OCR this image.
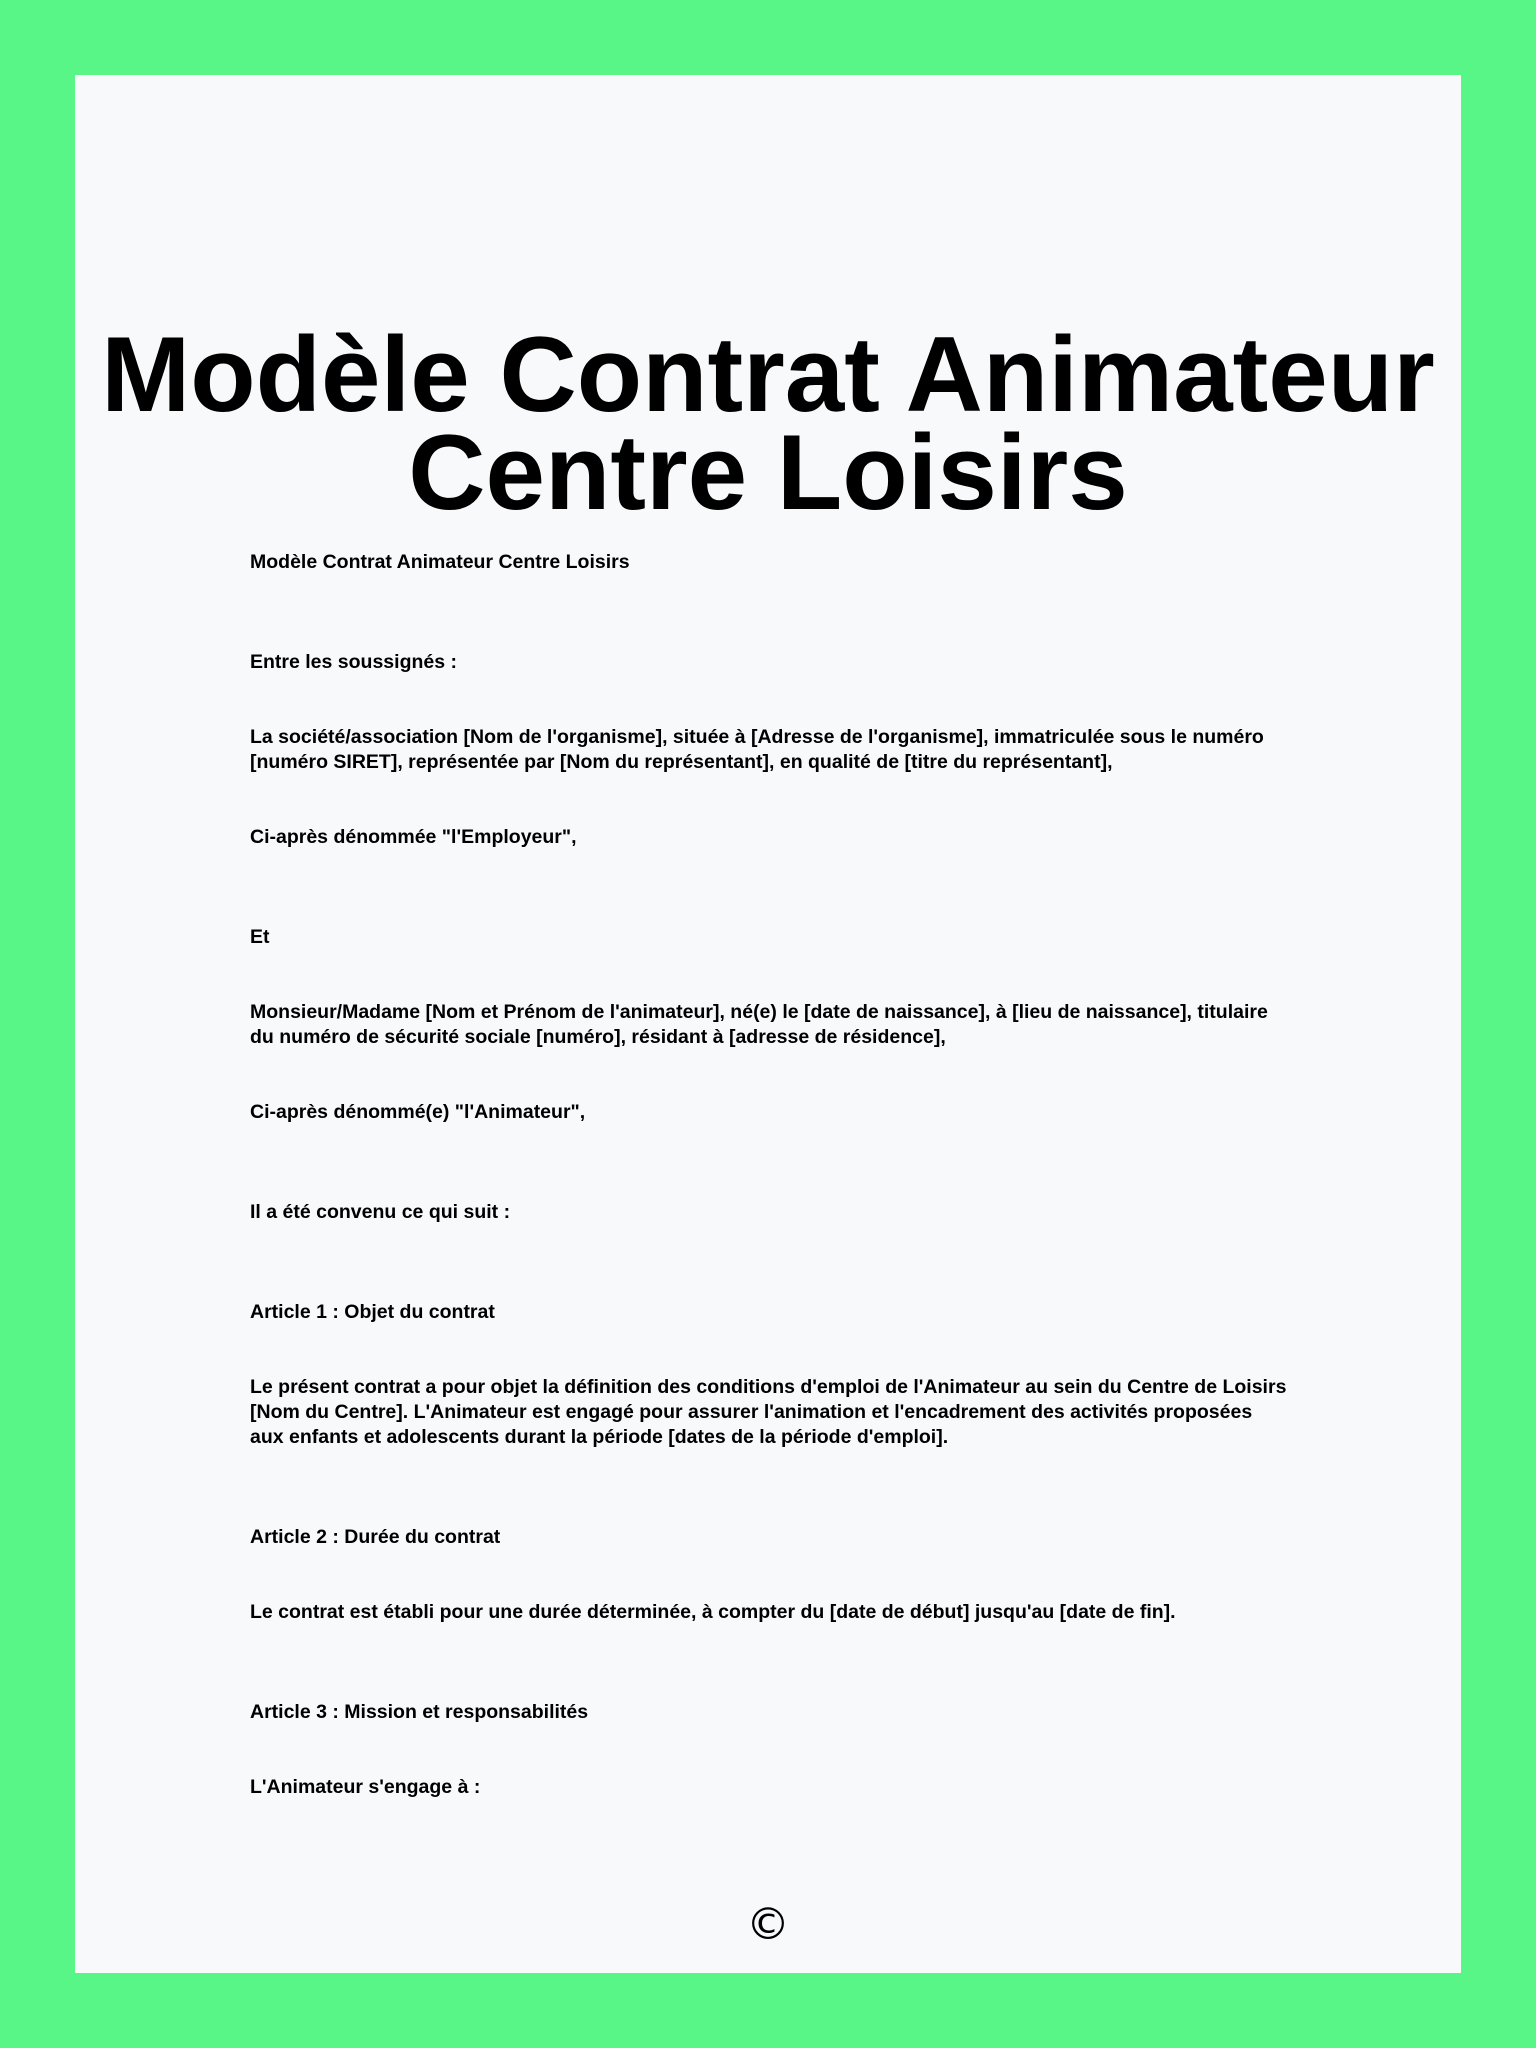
Modèle Contrat Animateur Centre Loisirs

Modèle Contrat Animateur Centre Loisirs

Entre les soussignés :

La société/association [Nom de l'organisme], située à [Adresse de l'organisme], immatriculée sous le numéro [numéro SIRET], représentée par [Nom du représentant], en qualité de [titre du représentant],

Ci-après dénommée "l'Employeur",

Et

Monsieur/Madame [Nom et Prénom de l'animateur], né(e) le [date de naissance], à [lieu de naissance], titulaire du numéro de sécurité sociale [numéro], résidant à [adresse de résidence],

Ci-après dénommé(e) "l'Animateur",

Il a été convenu ce qui suit :

Article 1 : Objet du contrat

Le présent contrat a pour objet la définition des conditions d'emploi de l'Animateur au sein du Centre de Loisirs [Nom du Centre]. L'Animateur est engagé pour assurer l'animation et l'encadrement des activités proposées aux enfants et adolescents durant la période [dates de la période d'emploi].

Article 2 : Durée du contrat

Le contrat est établi pour une durée déterminée, à compter du [date de début] jusqu'au [date de fin].

Article 3 : Mission et responsabilités

L'Animateur s'engage à :

©
